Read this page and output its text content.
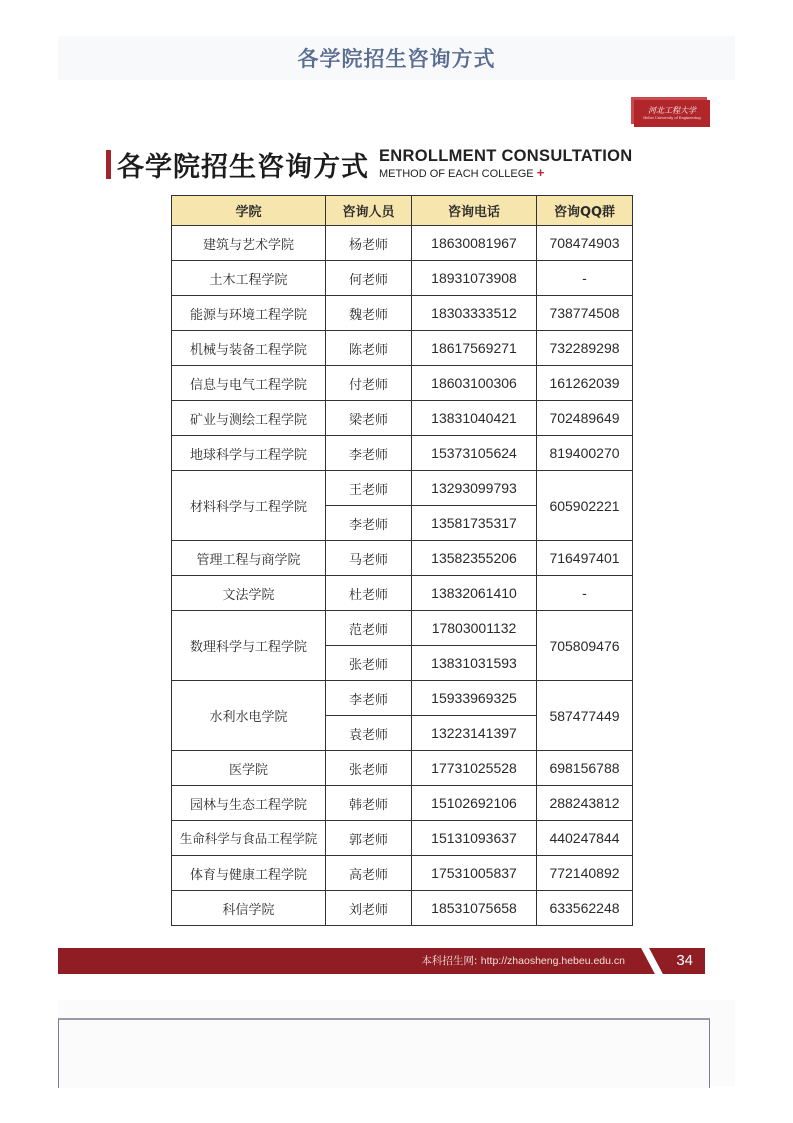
各学院招生咨询方式
河北工程大学
Hebei University of Engineering
各学院招生咨询方式 ENROLLMENT CONSULTATION
METHOD OF EACH COLLEGE +
学院	咨询人员	咨询电话	咨询QQ群
建筑与艺术学院	杨老师	18630081967	708474903
土木工程学院	何老师	18931073908	-
能源与环境工程学院	魏老师	18303333512	738774508
机械与装备工程学院	陈老师	18617569271	732289298
信息与电气工程学院	付老师	18603100306	161262039
矿业与测绘工程学院	梁老师	13831040421	702489649
地球科学与工程学院	李老师	15373105624	819400270
材料科学与工程学院	王老师	13293099793	605902221
	李老师	13581735317	
管理工程与商学院	马老师	13582355206	716497401
文法学院	杜老师	13832061410	-
数理科学与工程学院	范老师	17803001132	705809476
	张老师	13831031593	
水利水电学院	李老师	15933969325	587477449
	袁老师	13223141397	
医学院	张老师	17731025528	698156788
园林与生态工程学院	韩老师	15102692106	288243812
生命科学与食品工程学院	郭老师	15131093637	440247844
体育与健康工程学院	高老师	17531005837	772140892
科信学院	刘老师	18531075658	633562248
本科招生网: http://zhaosheng.hebeu.edu.cn	34
